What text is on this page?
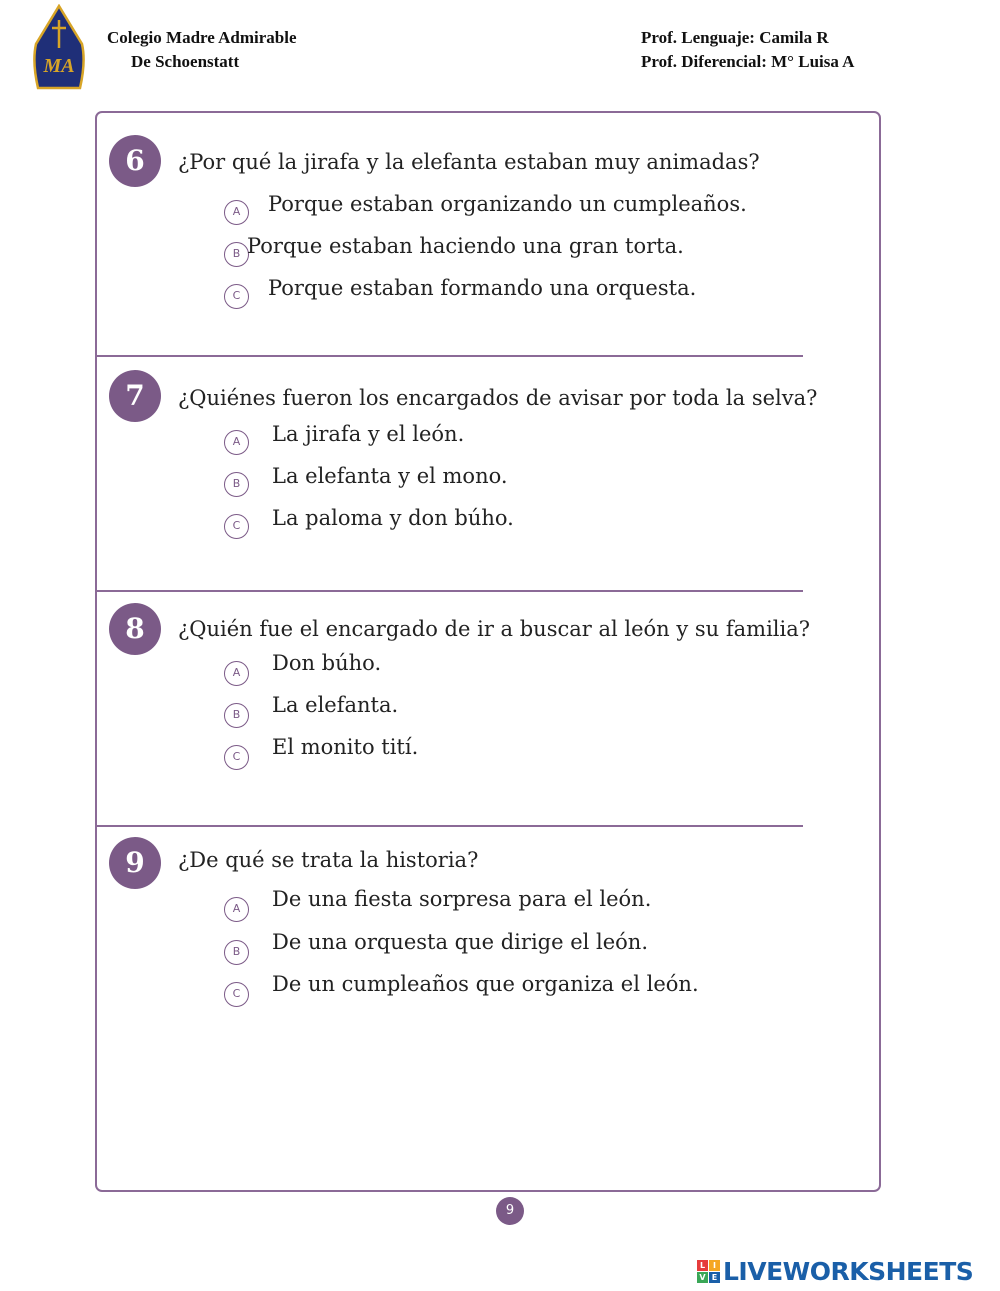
MA
Colegio Madre Admirable
De Schoenstatt
Prof. Lenguaje: Camila R
Prof. Diferencial: M° Luisa A
6	¿Por qué la jirafa y la elefanta estaban muy animadas?
A	Porque estaban organizando un cumpleaños.
B Porque estaban haciendo una gran torta.
C	Porque estaban formando una orquesta.
7	¿Quiénes fueron los encargados de avisar por toda la selva?
A	La jirafa y el león.
B	La elefanta y el mono.
C	La paloma y don búho.
8	¿Quién fue el encargado de ir a buscar al león y su familia?
A	Don búho.
B	La elefanta.
C	El monito tití.
9	¿De qué se trata la historia?
A	De una fiesta sorpresa para el león.
B	De una orquesta que dirige el león.
C	De un cumpleaños que organiza el león.
9
L I
V E LIVEWORKSHEETS
